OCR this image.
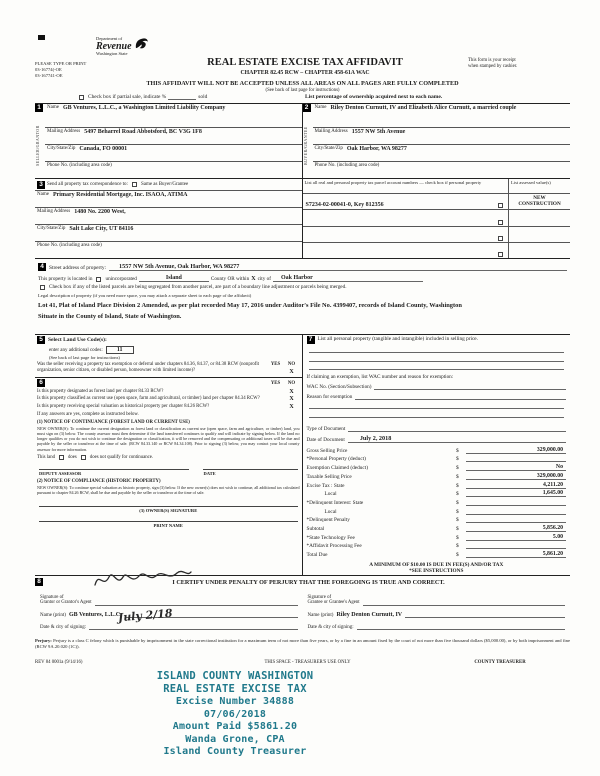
Department of
Revenue
Washington State
PLEASE TYPE OR PRINT
03-16774(-OE
03-167741-OE
REAL ESTATE EXCISE TAX AFFIDAVIT
CHAPTER 82.45 RCW – CHAPTER 458-61A WAC
This form is your receipt
when stamped by cashier.
THIS AFFIDAVIT WILL NOT BE ACCEPTED UNLESS ALL AREAS ON ALL PAGES ARE FULLY COMPLETED
(See back of last page for instructions)
Check box if partial sale, indicate %	sold	List percentage of ownership acquired next to each name.
1
SELLER/GRANTOR
Name GB Ventures, L.L.C., a Washington Limited Liability Company
Mailing Address 5497 Beharrel Road Abbotsford, BC V3G 1F8
City/State/Zip Canada, FO 00001
Phone No. (including area code)
2
BUYER/GRANTEE
Name Riley Denton Curnutt, IV and Elizabeth Alice Curnutt, a married couple
Mailing Address 1557 NW 5th Avenue
City/State/Zip Oak Harbor, WA 98277
Phone No. (including area code)
3 Send all property tax correspondence to:	Same as Buyer/Grantee
Name Primary Residential Mortgage, Inc. ISAOA, ATIMA
Mailing Address 1480 No. 2200 West,
City/State/Zip Salt Lake City, UT 84116
Phone No. (including area code)
List all real and personal property tax parcel account numbers — check box if personal property	List assessed value(s)
S7234-02-00041-0, Key 812356
NEW
CONSTRUCTION
4 Street address of property:	1557 NW 5th Avenue, Oak Harbor, WA 98277
This property is located in	unincorporated	Island	County OR within X city of	Oak Harbor
Check box if any of the listed parcels are being segregated from another parcel, are part of a boundary line adjustment or parcels being merged.
Legal description of property (if you need more space, you may attach a separate sheet to each page of the affidavit)
Lot 41, Plat of Island Place Division 2 Amended, as per plat recorded May 17, 2016 under Auditor's File No. 4399407, records of Island County, Washington
Situate in the County of Island, State of Washington.
5 Select Land Use Code(s):
enter any additional codes:	11
(See back of last page for instructions)
Was the seller receiving a property tax exemption or deferral under chapters 84.36, 84.37, or 84.38 RCW (nonprofit organization, senior citizen, or disabled person, homeowner with limited income)?
YES	NO
X
6	YES	NO
Is this property designated as forest land per chapter 84.33 RCW?	X
Is this property classified as current use (open space, farm and agricultural, or timber) land per chapter 84.34 RCW?	X
Is this property receiving special valuation as historical property per chapter 84.26 RCW?	X
If any answers are yes, complete as instructed below.
(1) NOTICE OF CONTINUANCE (FOREST LAND OR CURRENT USE)
NEW OWNER(S): To continue the current designation as forest land or classification as current use (open space, farm and agriculture, or timber) land, you must sign on (3) below. The county assessor must then determine if the land transferred continues to qualify and will indicate by signing below. If the land no longer qualifies or you do not wish to continue the designation or classification, it will be removed and the compensating or additional taxes will be due and payable by the seller or transferor at the time of sale. (RCW 84.33.140 or RCW 84.34.108). Prior to signing (3) below, you may contact your local county assessor for more information.
This land	does	does not qualify for continuance.
DEPUTY ASSESSOR	DATE
(2) NOTICE OF COMPLIANCE (HISTORIC PROPERTY)
NEW OWNER(S): To continue special valuation as historic property, sign (3) below. If the new owner(s) does not wish to continue, all additional tax calculated pursuant to chapter 84.26 RCW, shall be due and payable by the seller or transferor at the time of sale.
(3) OWNER(S) SIGNATURE
PRINT NAME
7 List all personal property (tangible and intangible) included in selling price.
If claiming an exemption, list WAC number and reason for exemption:
WAC No. (Section/Subsection)
Reason for exemption
Type of Document
Date of Document	July 2, 2018
Gross Selling Price	$	329,000.00
*Personal Property (deduct)	$
Exemption Claimed (deduct)	$	No
Taxable Selling Price	$	329,000.00
Excise Tax : State	$	4,211.20
Local	$	1,645.00
*Delinquent Interest: State	$
Local	$
*Delinquent Penalty	$
Subtotal	$	5,856.20
*State Technology Fee	$	5.00
*Affidavit Processing Fee	$
Total Due	$	5,861.20
A MINIMUM OF $10.00 IS DUE IN FEE(S) AND/OR TAX
*SEE INSTRUCTIONS
8	I CERTIFY UNDER PENALTY OF PERJURY THAT THE FOREGOING IS TRUE AND CORRECT.
Signature of
Grantor or Grantor's Agent
Name (print) GB Ventures, L.L.C.
Date & city of signing:
July 2/18
Signature of
Grantee or Grantee's Agent
Name (print) Riley Denton Curnutt, IV
Date & city of signing:
Perjury: Perjury is a class C felony which is punishable by imprisonment in the state correctional institution for a maximum term of not more than five years, or by a fine in an amount fixed by the court of not more than five thousand dollars ($5,000.00), or by both imprisonment and fine (RCW 9A.20.020 (1C)).
REV 84 0001a (9/14/16)	THIS SPACE - TREASURER'S USE ONLY	COUNTY TREASURER
ISLAND COUNTY WASHINGTON
REAL ESTATE EXCISE TAX
Excise Number 34888
07/06/2018
Amount Paid $5861.20
Wanda Grone, CPA
Island County Treasurer
